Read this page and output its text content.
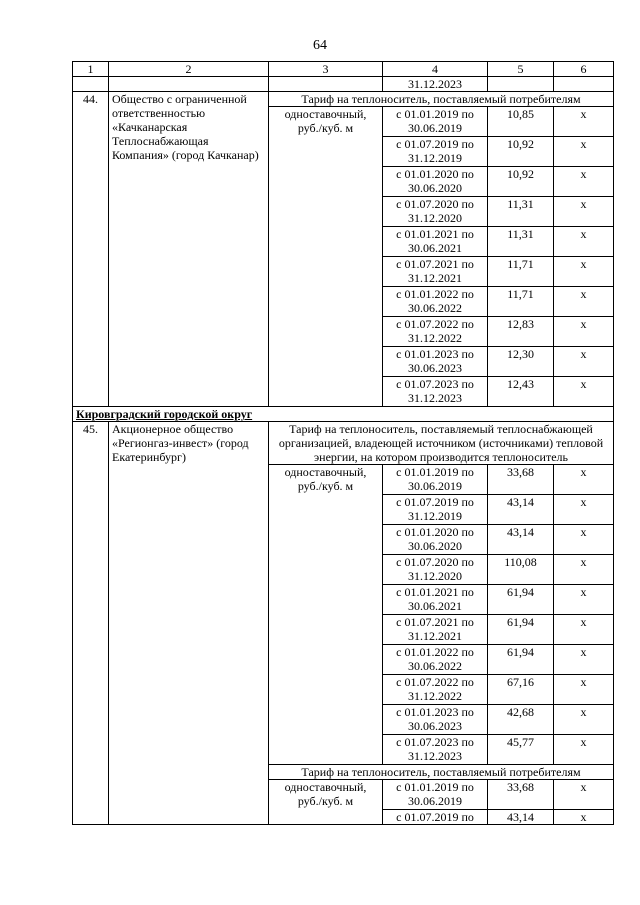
64
1	2	3	4	5	6
			31.12.2023		
44.	Общество с ограниченной ответственностью «Качканарская Теплоснабжающая Компания» (город Качканар)	Тариф на теплоноситель, поставляемый потребителям			
		одноставочный, руб./куб. м	с 01.01.2019 по 30.06.2019	10,85	х
			с 01.07.2019 по 31.12.2019	10,92	х
			с 01.01.2020 по 30.06.2020	10,92	х
			с 01.07.2020 по 31.12.2020	11,31	х
			с 01.01.2021 по 30.06.2021	11,31	х
			с 01.07.2021 по 31.12.2021	11,71	х
			с 01.01.2022 по 30.06.2022	11,71	х
			с 01.07.2022 по 31.12.2022	12,83	х
			с 01.01.2023 по 30.06.2023	12,30	х
			с 01.07.2023 по 31.12.2023	12,43	х
Кировградский городской округ					
45.	Акционерное общество «Регионгаз-инвест» (город Екатеринбург)	Тариф на теплоноситель, поставляемый теплоснабжающей организацией, владеющей источником (источниками) тепловой энергии, на котором производится теплоноситель			
		одноставочный, руб./куб. м	с 01.01.2019 по 30.06.2019	33,68	х
			с 01.07.2019 по 31.12.2019	43,14	х
			с 01.01.2020 по 30.06.2020	43,14	х
			с 01.07.2020 по 31.12.2020	110,08	х
			с 01.01.2021 по 30.06.2021	61,94	х
			с 01.07.2021 по 31.12.2021	61,94	х
			с 01.01.2022 по 30.06.2022	61,94	х
			с 01.07.2022 по 31.12.2022	67,16	х
			с 01.01.2023 по 30.06.2023	42,68	х
			с 01.07.2023 по 31.12.2023	45,77	х
		Тариф на теплоноситель, поставляемый потребителям			
		одноставочный, руб./куб. м	с 01.01.2019 по 30.06.2019	33,68	х
			с 01.07.2019 по	43,14	х
